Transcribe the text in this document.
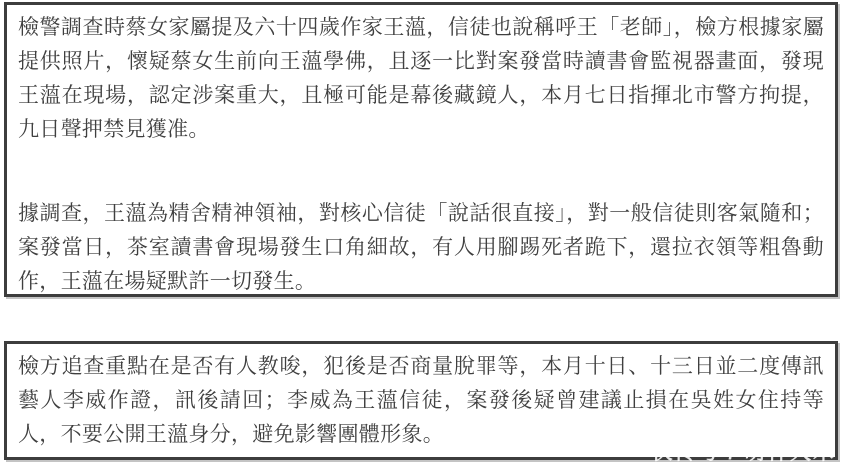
檢警調查時蔡女家屬提及六十四歲作家王薀，信徒也說稱呼王「老師」，檢方根據家屬提供照片，懷疑蔡女生前向王薀學佛，且逐一比對案發當時讀書會監視器畫面，發現王薀在現場，認定涉案重大，且極可能是幕後藏鏡人，本月七日指揮北市警方拘提，九日聲押禁見獲准。

據調查，王薀為精舍精神領袖，對核心信徒「說話很直接」，對一般信徒則客氣隨和；案發當日，茶室讀書會現場發生口角細故，有人用腳踢死者跪下，還拉衣領等粗魯動作，王薀在場疑默許一切發生。

檢方追查重點在是否有人教唆，犯後是否商量脫罪等，本月十日、十三日並二度傳訊藝人李威作證，訊後請回；李威為王薀信徒，案發後疑曾建議止損在吳姓女住持等人，不要公開王薀身分，避免影響團體形象。

快传号 / 萌神大木
